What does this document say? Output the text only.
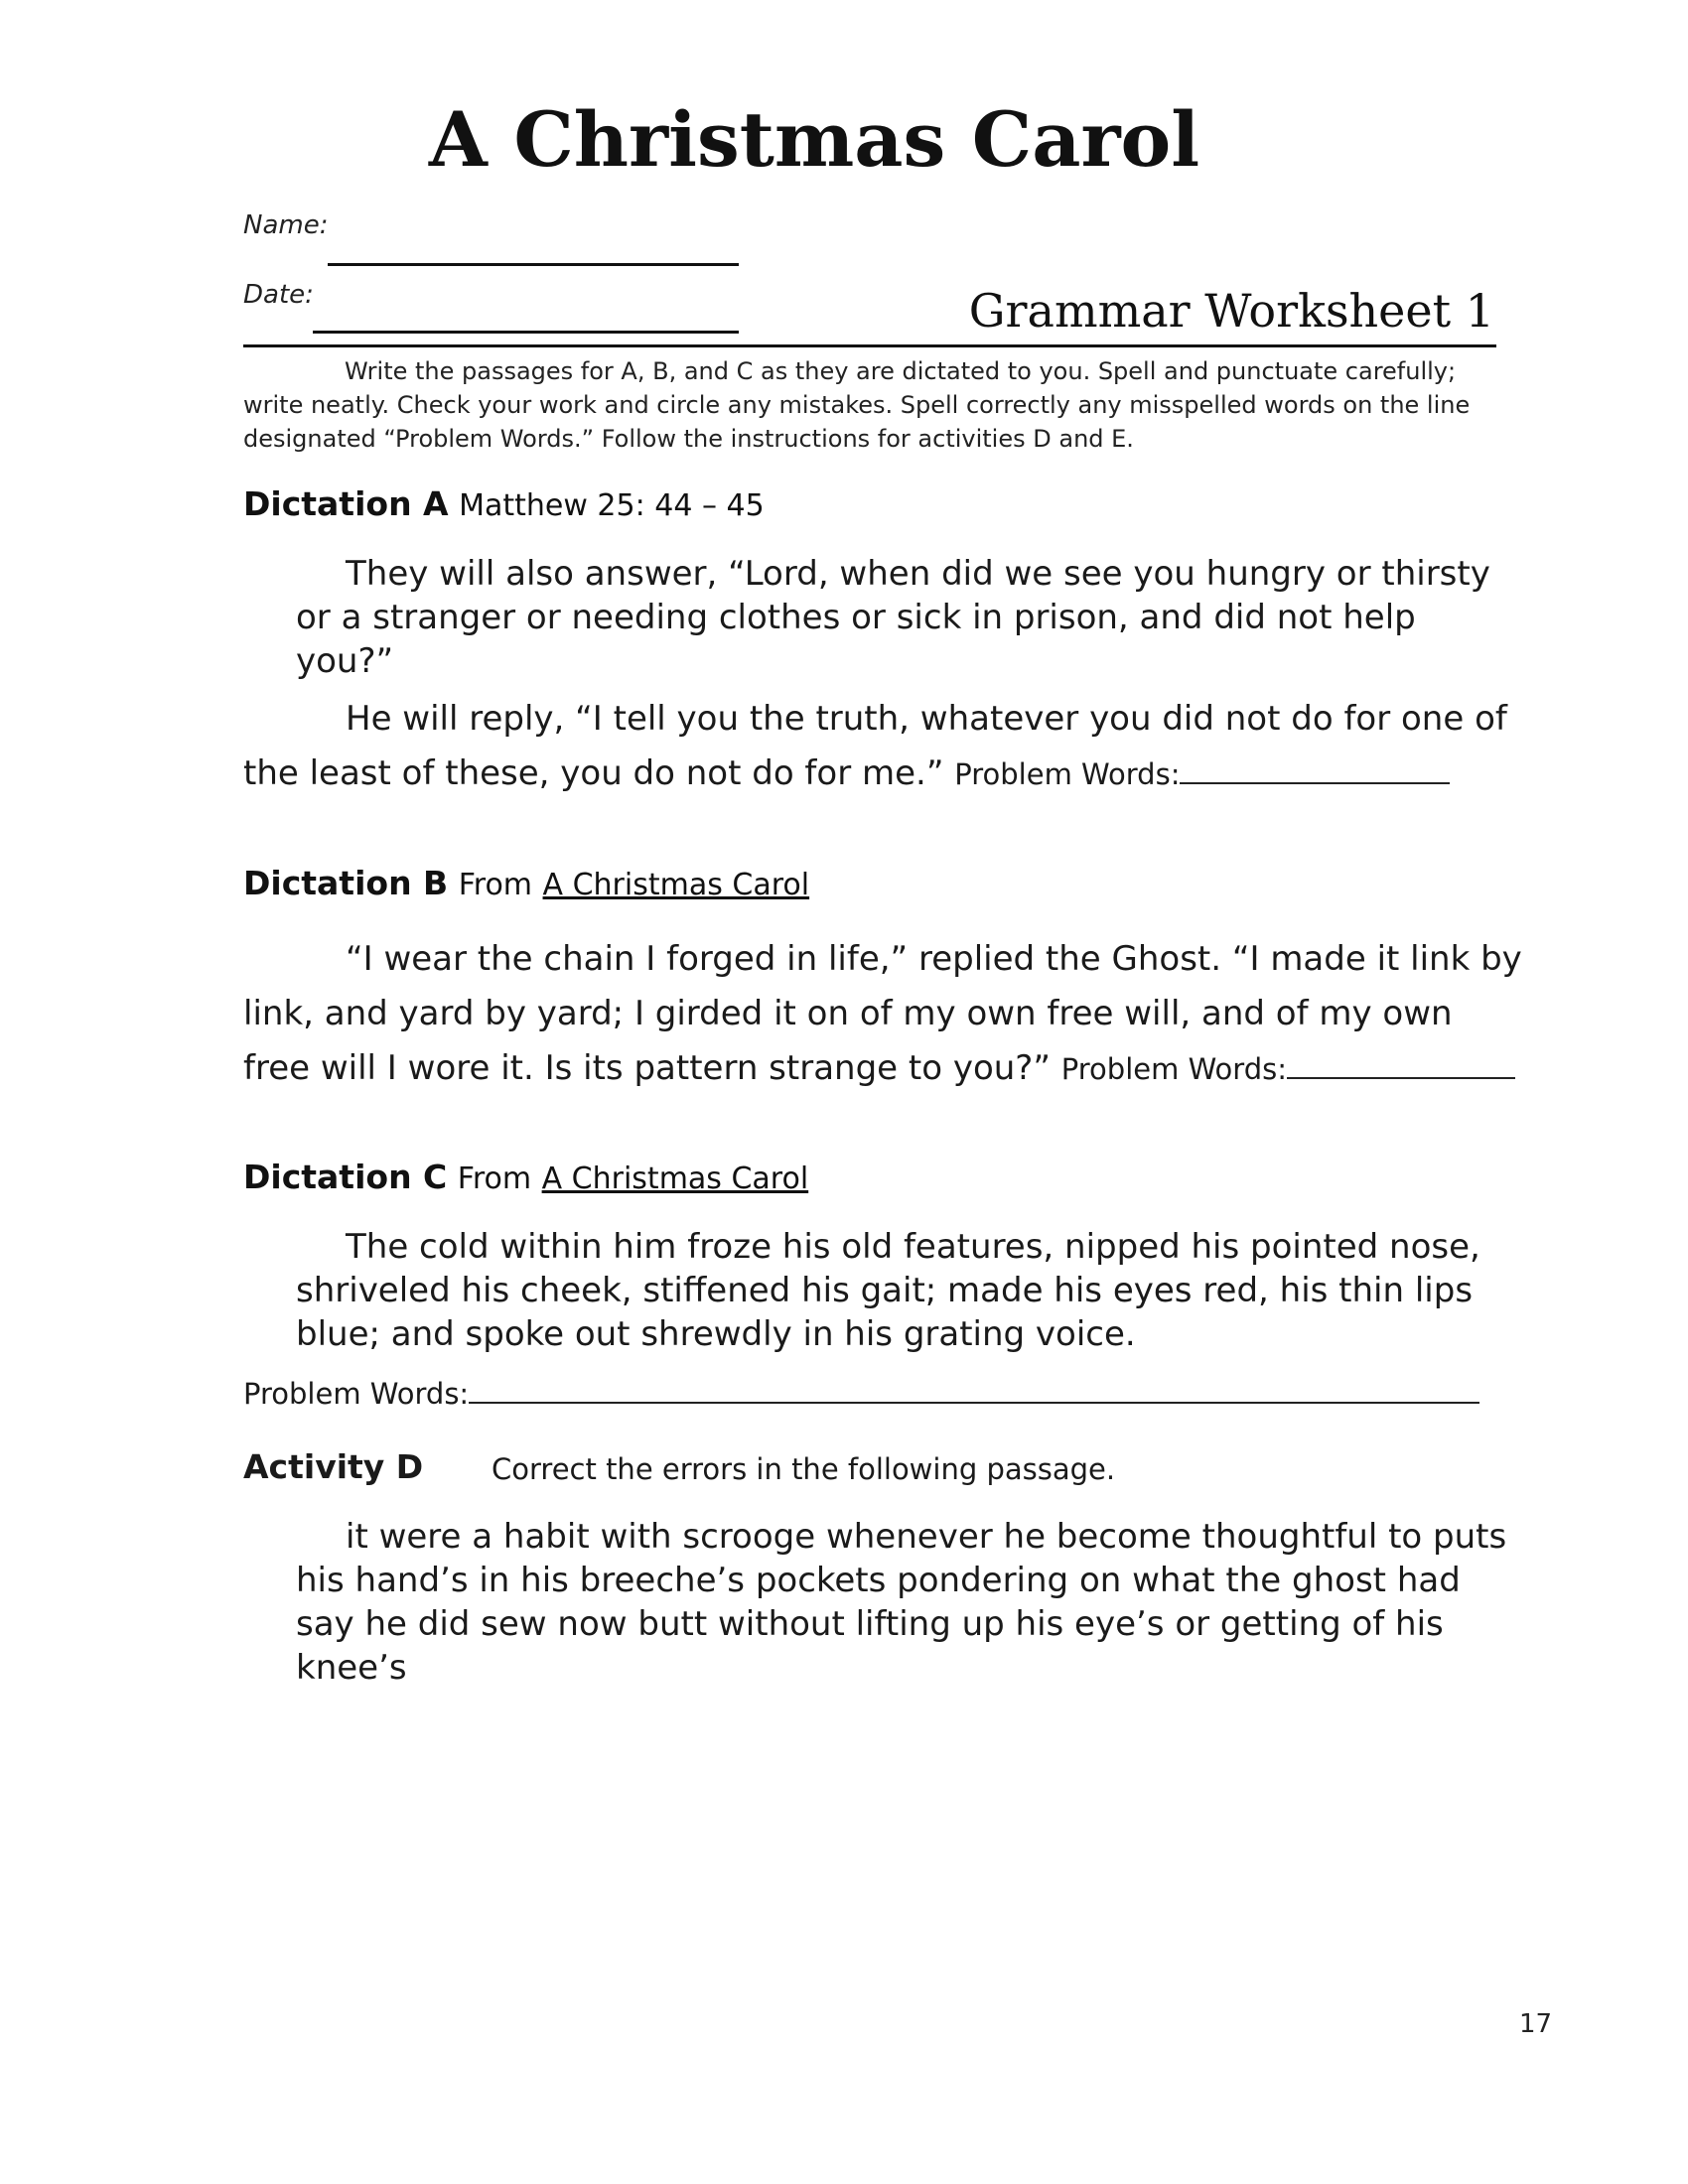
A Christmas Carol
Name:
Date:	Grammar Worksheet 1

Write the passages for A, B, and C as they are dictated to you. Spell and punctuate carefully; write neatly. Check your work and circle any mistakes. Spell correctly any misspelled words on the line designated “Problem Words.” Follow the instructions for activities D and E.

Dictation A Matthew 25: 44 – 45

They will also answer, “Lord, when did we see you hungry or thirsty or a stranger or needing clothes or sick in prison, and did not help you?”

He will reply, “I tell you the truth, whatever you did not do for one of the least of these, you do not do for me.” Problem Words:

Dictation B From A Christmas Carol

“I wear the chain I forged in life,” replied the Ghost. “I made it link by link, and yard by yard; I girded it on of my own free will, and of my own free will I wore it. Is its pattern strange to you?” Problem Words:

Dictation C From A Christmas Carol

The cold within him froze his old features, nipped his pointed nose, shriveled his cheek, stiffened his gait; made his eyes red, his thin lips blue; and spoke out shrewdly in his grating voice.

Problem Words:
Activity D Correct the errors in the following passage.

it were a habit with scrooge whenever he become thoughtful to puts his hand’s in his breeche’s pockets pondering on what the ghost had say he did sew now butt without lifting up his eye’s or getting of his knee’s

17
